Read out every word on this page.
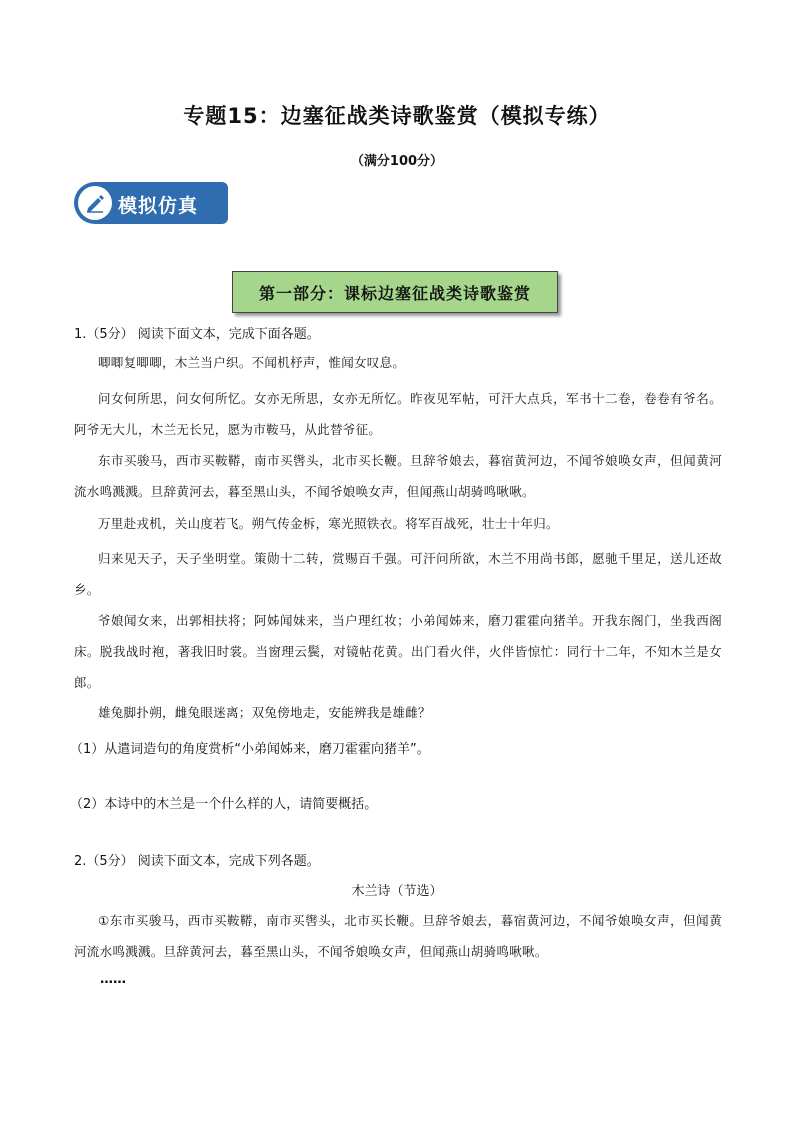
专题15：边塞征战类诗歌鉴赏（模拟专练）
（满分100分）
模拟仿真
第一部分：课标边塞征战类诗歌鉴赏
1.（5分） 阅读下面文本，完成下面各题。
唧唧复唧唧，木兰当户织。不闻机杼声，惟闻女叹息。
问女何所思，问女何所忆。女亦无所思，女亦无所忆。昨夜见军帖，可汗大点兵，军书十二卷，卷卷有爷名。阿爷无大儿，木兰无长兄，愿为市鞍马，从此替爷征。
东市买骏马，西市买鞍鞯，南市买辔头，北市买长鞭。旦辞爷娘去，暮宿黄河边，不闻爷娘唤女声，但闻黄河流水鸣溅溅。旦辞黄河去，暮至黑山头，不闻爷娘唤女声，但闻燕山胡骑鸣啾啾。
万里赴戎机，关山度若飞。朔气传金柝，寒光照铁衣。将军百战死，壮士十年归。
归来见天子，天子坐明堂。策勋十二转，赏赐百千强。可汗问所欲，木兰不用尚书郎，愿驰千里足，送儿还故乡。
爷娘闻女来，出郭相扶将；阿姊闻妹来，当户理红妆；小弟闻姊来，磨刀霍霍向猪羊。开我东阁门，坐我西阁床。脱我战时袍，著我旧时裳。当窗理云鬓，对镜帖花黄。出门看火伴，火伴皆惊忙：同行十二年，不知木兰是女郎。
雄兔脚扑朔，雌兔眼迷离；双兔傍地走，安能辨我是雄雌？
（1）从遣词造句的角度赏析“小弟闻姊来，磨刀霍霍向猪羊”。
（2）本诗中的木兰是一个什么样的人，请简要概括。
2.（5分） 阅读下面文本，完成下列各题。
木兰诗（节选）
①东市买骏马，西市买鞍鞯，南市买辔头，北市买长鞭。旦辞爷娘去，暮宿黄河边，不闻爷娘唤女声，但闻黄河流水鸣溅溅。旦辞黄河去，暮至黑山头，不闻爷娘唤女声，但闻燕山胡骑鸣啾啾。
……
